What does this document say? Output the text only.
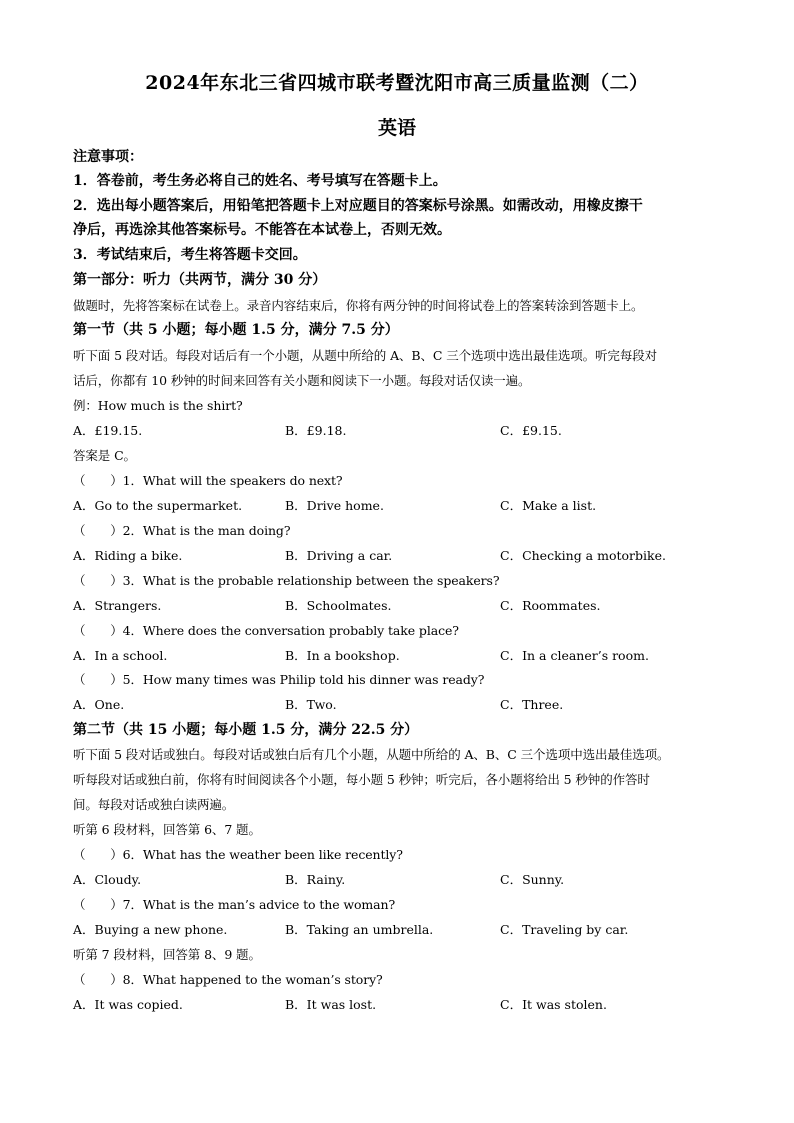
2024年东北三省四城市联考暨沈阳市高三质量监测（二）
英语
注意事项：
1．答卷前，考生务必将自己的姓名、考号填写在答题卡上。
2．选出每小题答案后，用铅笔把答题卡上对应题目的答案标号涂黑。如需改动，用橡皮擦干
净后，再选涂其他答案标号。不能答在本试卷上，否则无效。
3．考试结束后，考生将答题卡交回。
第一部分：听力（共两节，满分 30 分）
做题时，先将答案标在试卷上。录音内容结束后，你将有两分钟的时间将试卷上的答案转涂到答题卡上。
第一节（共 5 小题；每小题 1.5 分，满分 7.5 分）
听下面 5 段对话。每段对话后有一个小题，从题中所给的 A、B、C 三个选项中选出最佳选项。听完每段对
话后，你都有 10 秒钟的时间来回答有关小题和阅读下一小题。每段对话仅读一遍。
例：How much is the shirt?
A．£19.15.	B．£9.18.	C．£9.15.
答案是 C。
（　　）1．What will the speakers do next?
A．Go to the supermarket.	B．Drive home.	C．Make a list.
（　　）2．What is the man doing?
A．Riding a bike.	B．Driving a car.	C．Checking a motorbike.
（　　）3．What is the probable relationship between the speakers?
A．Strangers.	B．Schoolmates.	C．Roommates.
（　　）4．Where does the conversation probably take place?
A．In a school.	B．In a bookshop.	C．In a cleaner’s room.
（　　）5．How many times was Philip told his dinner was ready?
A．One.	B．Two.	C．Three.
第二节（共 15 小题；每小题 1.5 分，满分 22.5 分）
听下面 5 段对话或独白。每段对话或独白后有几个小题，从题中所给的 A、B、C 三个选项中选出最佳选项。
听每段对话或独白前，你将有时间阅读各个小题，每小题 5 秒钟；听完后，各小题将给出 5 秒钟的作答时
间。每段对话或独白读两遍。
听第 6 段材料，回答第 6、7 题。
（　　）6．What has the weather been like recently?
A．Cloudy.	B．Rainy.	C．Sunny.
（　　）7．What is the man’s advice to the woman?
A．Buying a new phone.	B．Taking an umbrella.	C．Traveling by car.
听第 7 段材料，回答第 8、9 题。
（　　）8．What happened to the woman’s story?
A．It was copied.	B．It was lost.	C．It was stolen.
